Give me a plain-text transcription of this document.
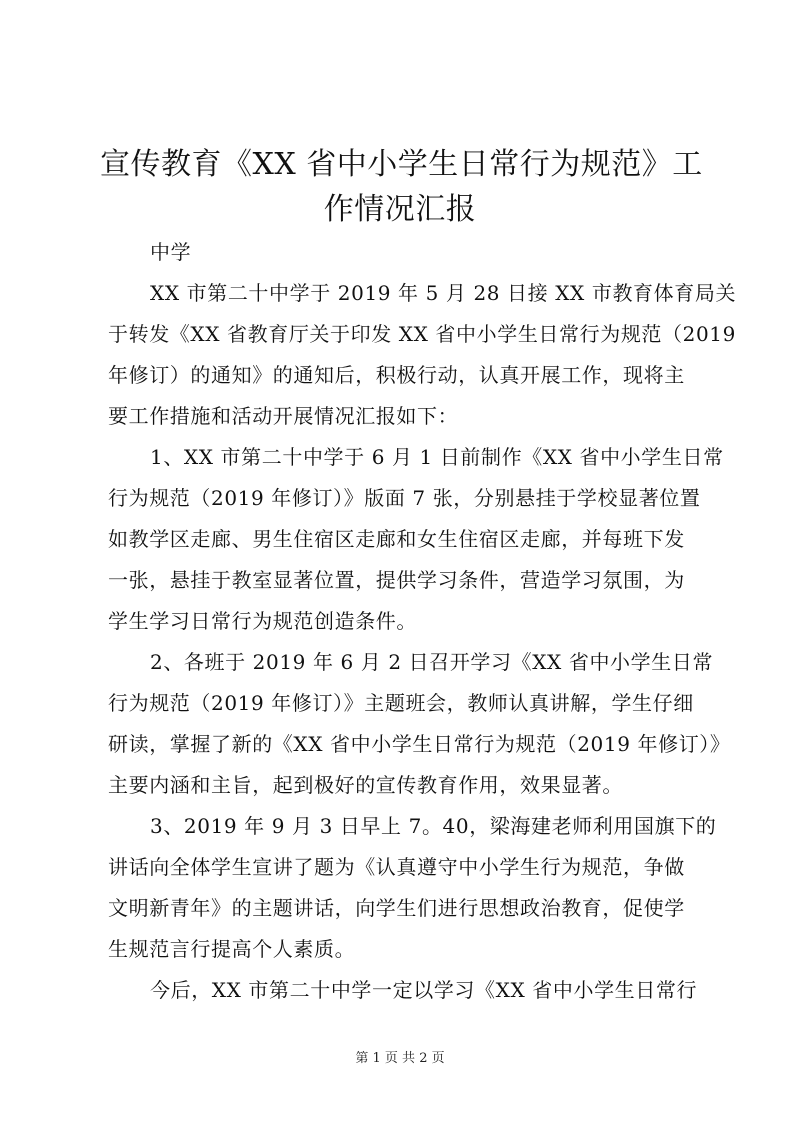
宣传教育《XX 省中小学生日常行为规范》工
作情况汇报
中学
XX 市第二十中学于 2019 年 5 月 28 日接 XX 市教育体育局关
于转发《XX 省教育厅关于印发 XX 省中小学生日常行为规范（2019
年修订）的通知》的通知后，积极行动，认真开展工作，现将主
要工作措施和活动开展情况汇报如下：
1、XX 市第二十中学于 6 月 1 日前制作《XX 省中小学生日常
行为规范（2019 年修订）》版面 7 张，分别悬挂于学校显著位置
如教学区走廊、男生住宿区走廊和女生住宿区走廊，并每班下发
一张，悬挂于教室显著位置，提供学习条件，营造学习氛围，为
学生学习日常行为规范创造条件。
2、各班于 2019 年 6 月 2 日召开学习《XX 省中小学生日常
行为规范（2019 年修订）》主题班会，教师认真讲解，学生仔细
研读，掌握了新的《XX 省中小学生日常行为规范（2019 年修订）》
主要内涵和主旨，起到极好的宣传教育作用，效果显著。
3、2019 年 9 月 3 日早上 7。40，梁海建老师利用国旗下的
讲话向全体学生宣讲了题为《认真遵守中小学生行为规范，争做
文明新青年》的主题讲话，向学生们进行思想政治教育，促使学
生规范言行提高个人素质。
今后，XX 市第二十中学一定以学习《XX 省中小学生日常行
第 1 页 共 2 页
